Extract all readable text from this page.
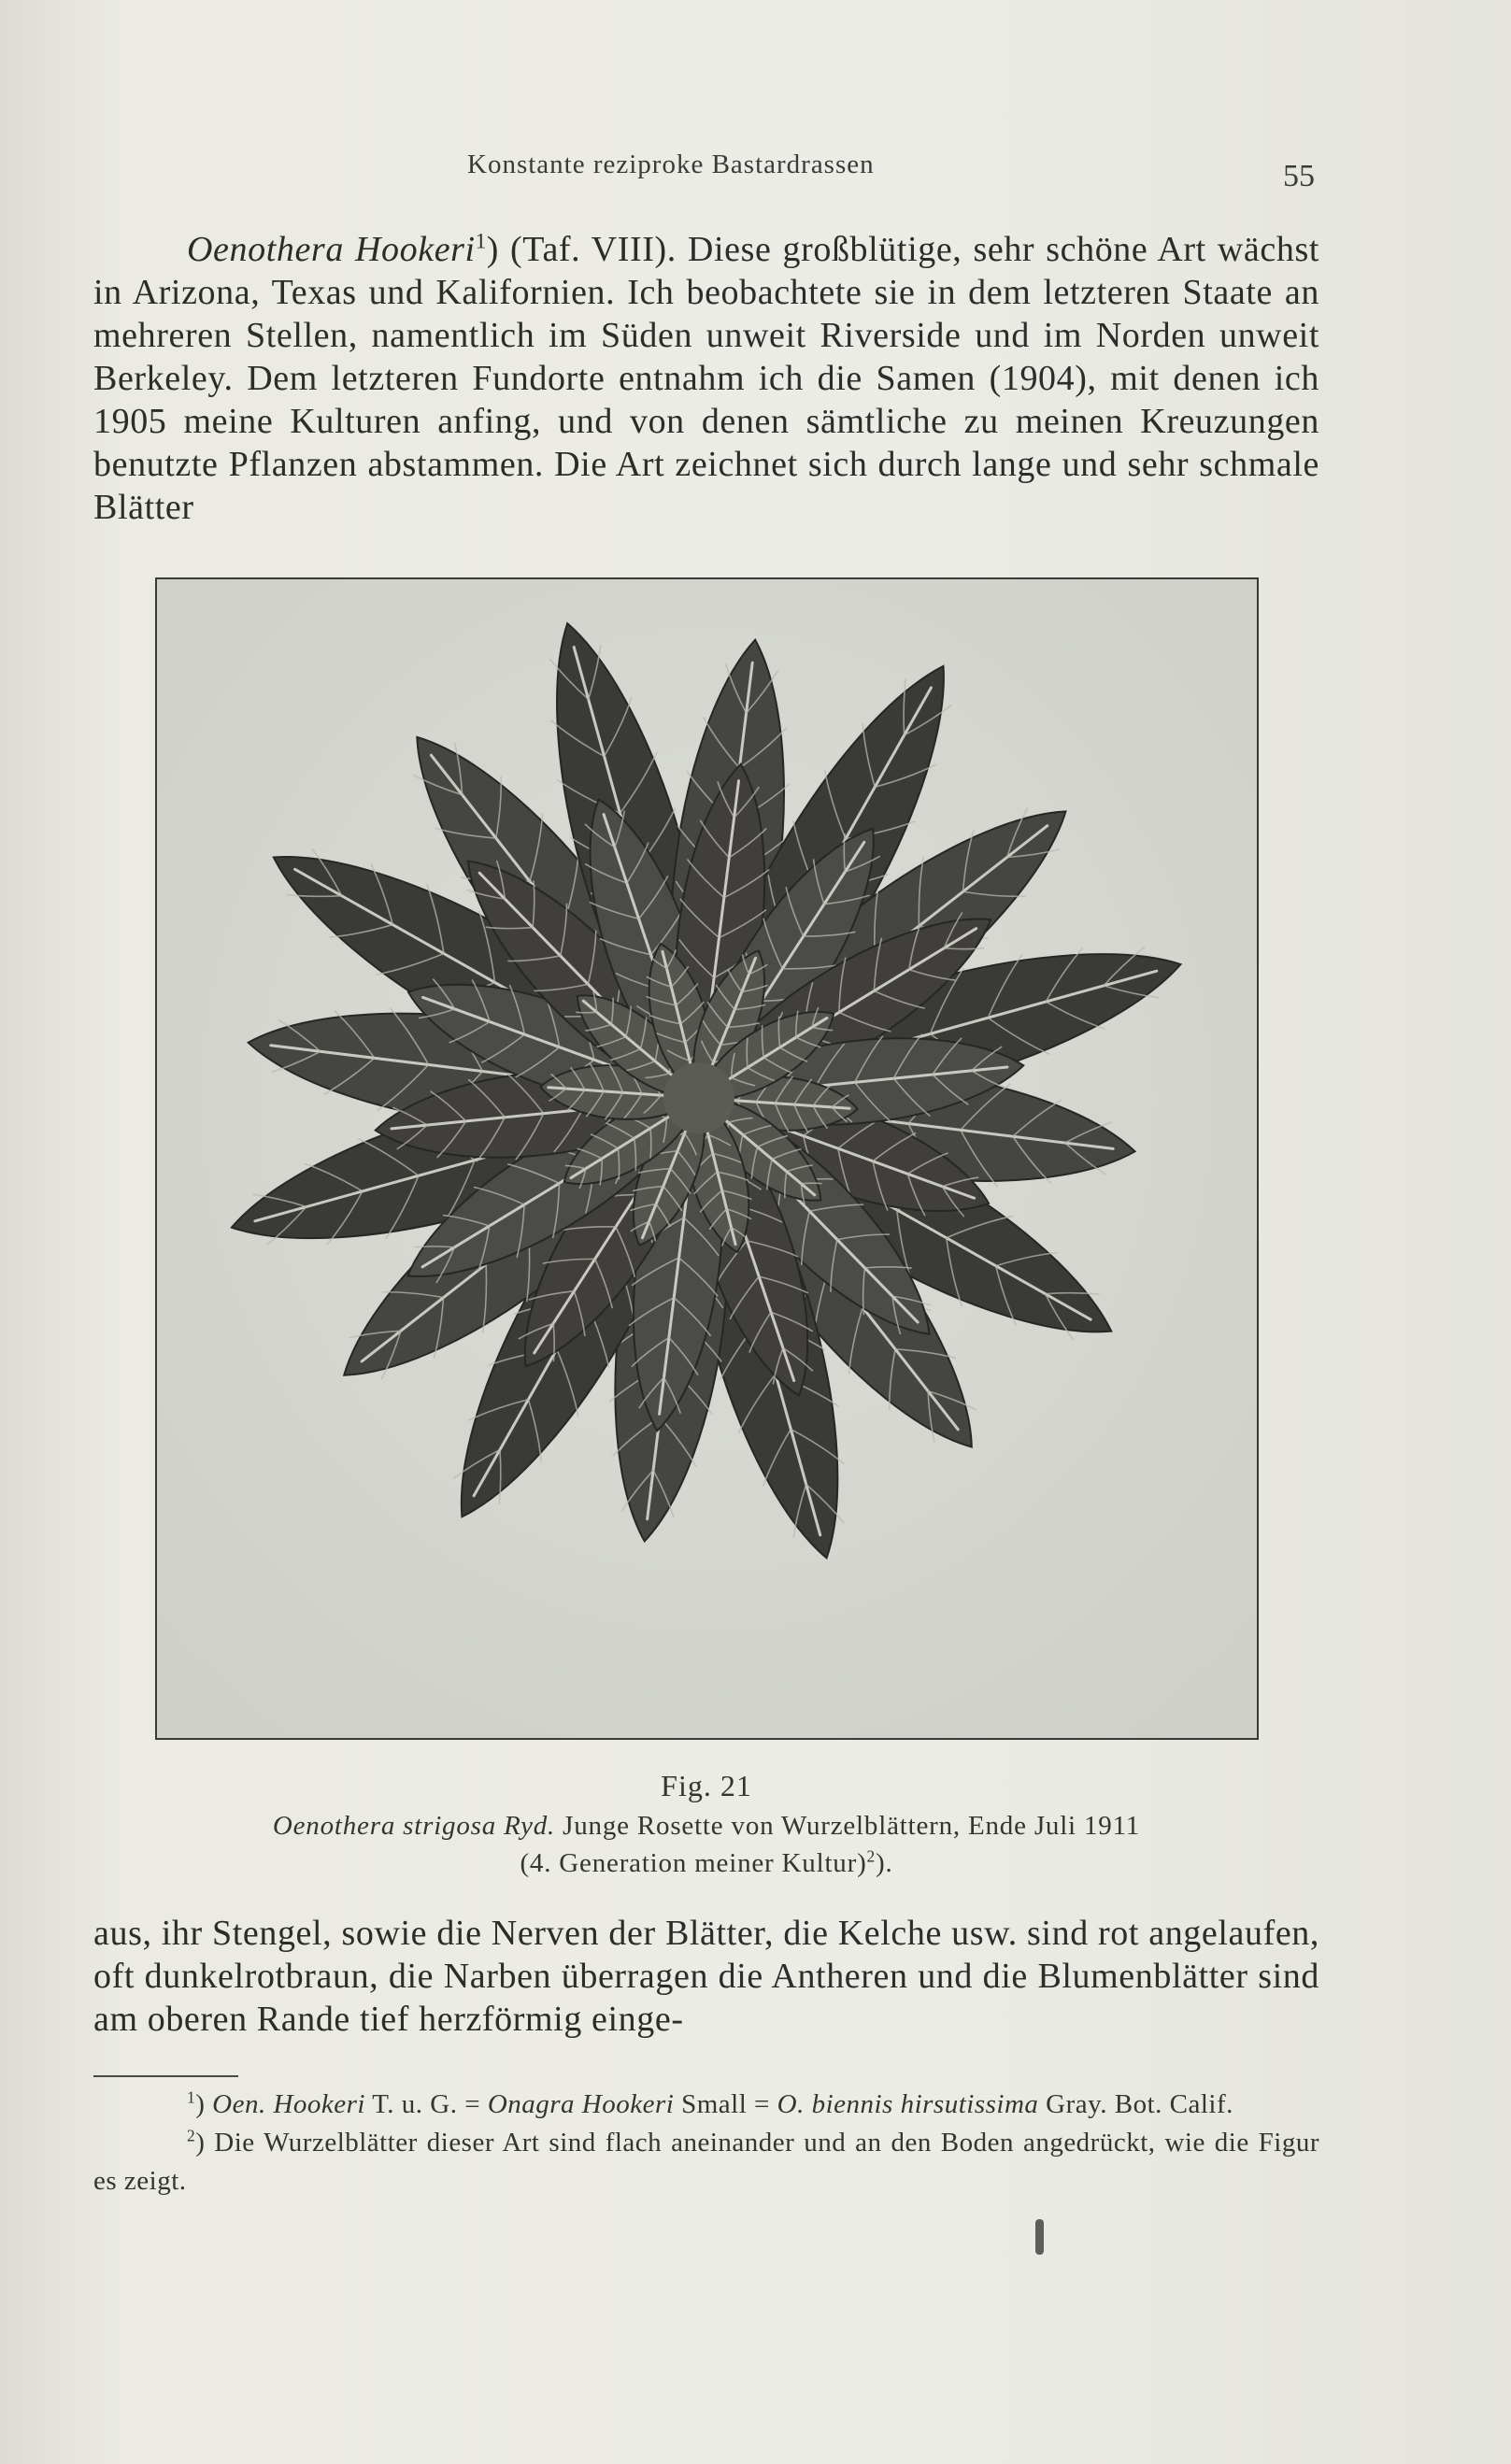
Konstante reziproke Bastardrassen	55

Oenothera Hookeri$^1$) (Taf. VIII). Diese großblütige, sehr schöne Art wächst in Arizona, Texas und Kalifornien. Ich beobachtete sie in dem letzteren Staate an mehreren Stellen, namentlich im Süden unweit Riverside und im Norden unweit Berkeley. Dem letzteren Fundorte entnahm ich die Samen (1904), mit denen ich 1905 meine Kulturen anfing, und von denen sämtliche zu meinen Kreuzungen benutzte Pflanzen abstammen. Die Art zeichnet sich durch lange und sehr schmale Blätter

Fig. 21
Oenothera strigosa Ryd. Junge Rosette von Wurzelblättern, Ende Juli 1911
(4. Generation meiner Kultur)$^2$).

aus, ihr Stengel, sowie die Nerven der Blätter, die Kelche usw. sind rot angelaufen, oft dunkelrotbraun, die Narben überragen die Antheren und die Blumenblätter sind am oberen Rande tief herzförmig einge-

$^1$) Oen. Hookeri T. u. G. = Onagra Hookeri Small = O. biennis hirsutissima Gray. Bot. Calif.

$^2$) Die Wurzelblätter dieser Art sind flach aneinander und an den Boden angedrückt, wie die Figur es zeigt.
